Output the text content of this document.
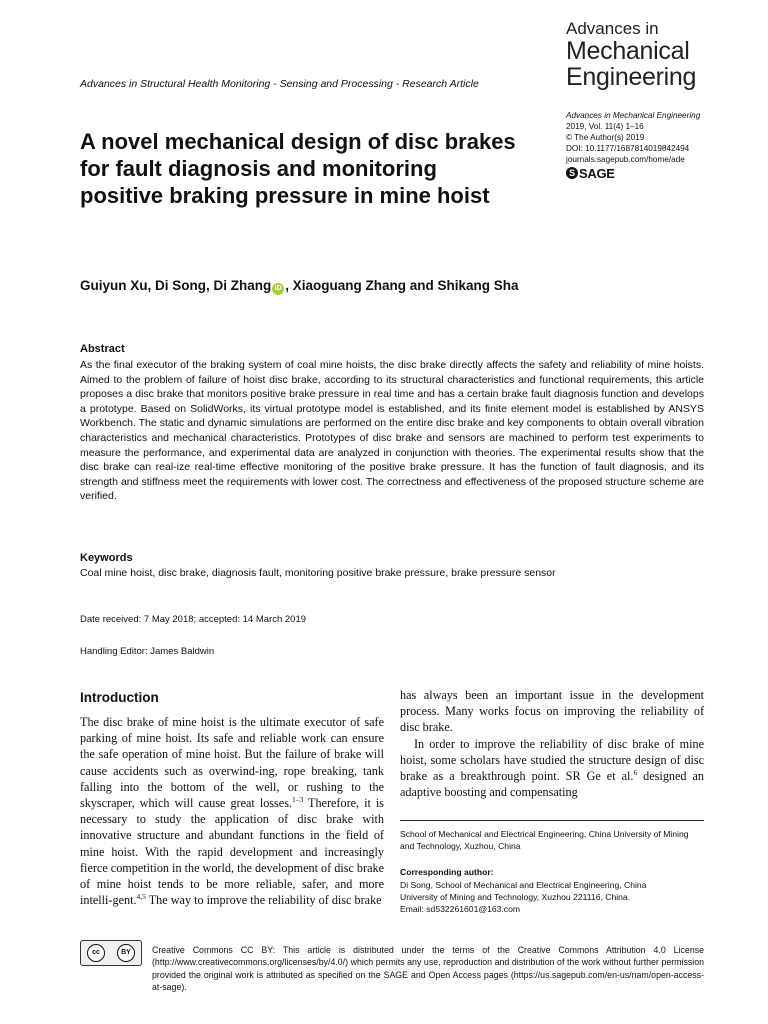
Advances in
Mechanical
Engineering
Advances in Structural Health Monitoring - Sensing and Processing - Research Article
Advances in Mechanical Engineering
2019, Vol. 11(4) 1–16
© The Author(s) 2019
DOI: 10.1177/1687814019842494
journals.sagepub.com/home/ade
S SAGE
A novel mechanical design of disc brakes for fault diagnosis and monitoring positive braking pressure in mine hoist
Guiyun Xu, Di Song, Di Zhang iD , Xiaoguang Zhang and Shikang Sha
Abstract
As the final executor of the braking system of coal mine hoists, the disc brake directly affects the safety and reliability of mine hoists. Aimed to the problem of failure of hoist disc brake, according to its structural characteristics and functional requirements, this article proposes a disc brake that monitors positive brake pressure in real time and has a certain brake fault diagnosis function and develops a prototype. Based on SolidWorks, its virtual prototype model is established, and its finite element model is established by ANSYS Workbench. The static and dynamic simulations are performed on the entire disc brake and key components to obtain overall vibration characteristics and mechanical characteristics. Prototypes of disc brake and sensors are machined to perform test experiments to measure the performance, and experimental data are analyzed in conjunction with theories. The experimental results show that the disc brake can real-ize real-time effective monitoring of the positive brake pressure. It has the function of fault diagnosis, and its strength and stiffness meet the requirements with lower cost. The correctness and effectiveness of the proposed structure scheme are verified.
Keywords
Coal mine hoist, disc brake, diagnosis fault, monitoring positive brake pressure, brake pressure sensor
Date received: 7 May 2018; accepted: 14 March 2019
Handling Editor: James Baldwin
Introduction
The disc brake of mine hoist is the ultimate executor of safe parking of mine hoist. Its safe and reliable work can ensure the safe operation of mine hoist. But the failure of brake will cause accidents such as overwind-ing, rope breaking, tank falling into the bottom of the well, or rushing to the skyscraper, which will cause great losses.$^{1-3}$ Therefore, it is necessary to study the application of disc brake with innovative structure and abundant functions in the field of mine hoist. With the rapid development and increasingly fierce competition in the world, the development of disc brake of mine hoist tends to be more reliable, safer, and more intelli-gent.$^{4,5}$ The way to improve the reliability of disc brake
has always been an important issue in the development process. Many works focus on improving the reliability of disc brake.
In order to improve the reliability of disc brake of mine hoist, some scholars have studied the structure design of disc brake as a breakthrough point. SR Ge et al.$^6$ designed an adaptive boosting and compensating
School of Mechanical and Electrical Engineering, China University of Mining and Technology, Xuzhou, China
Corresponding author:
Di Song, School of Mechanical and Electrical Engineering, China
University of Mining and Technology, Xuzhou 221116, China.
Email: sd532261601@163.com
cc	BY	Creative Commons CC BY: This article is distributed under the terms of the Creative Commons Attribution 4.0 License (http://www.creativecommons.org/licenses/by/4.0/) which permits any use, reproduction and distribution of the work without further permission provided the original work is attributed as specified on the SAGE and Open Access pages (https://us.sagepub.com/en-us/nam/open-access-at-sage).
